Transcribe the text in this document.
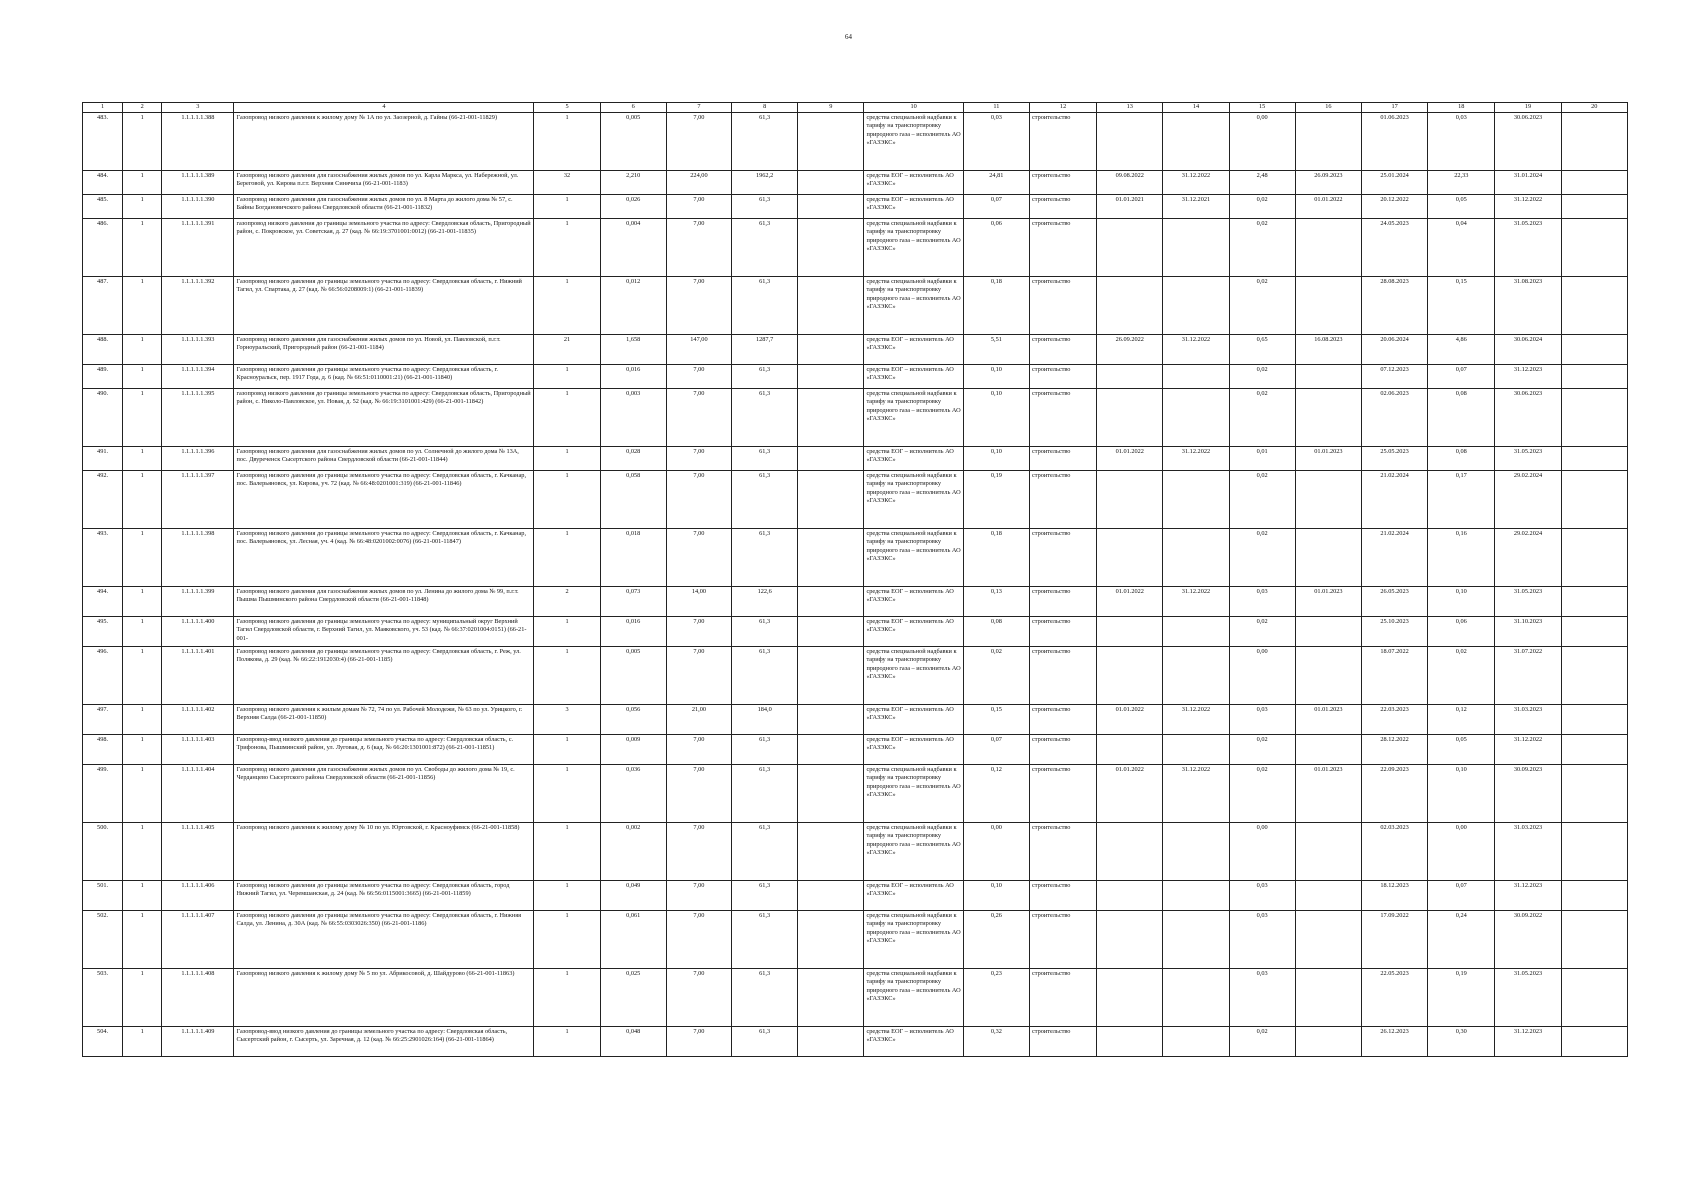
64
1	2	3	4	5	6	7	8	9	10	11	12	13	14	15	16	17	18	19	20
483.	1	1.1.1.1.1.388	Газопровод низкого давления к жилому дому № 1А по ул. Заозерной, д. Гайны (66-21-001-11829)	1	0,005	7,00	61,3		средства специальной надбавки к тарифу на транспортировку природного газа – исполнитель АО «ГАЗЭКС»	0,03	строительство			0,00		01.06.2023	0,03	30.06.2023	
484.	1	1.1.1.1.1.389	Газопровод низкого давления для газоснабжения жилых домов по ул. Карла Маркса, ул. Набережной, ул. Береговой, ул. Кирова п.г.т. Верхняя Синячиха (66-21-001-1183)	32	2,210	224,00	1962,2		средства ЕОГ – исполнитель АО «ГАЗЭКС»	24,81	строительство	09.08.2022	31.12.2022	2,48	26.09.2023	25.01.2024	22,33	31.01.2024	
485.	1	1.1.1.1.1.390	Газопровод низкого давления для газоснабжения жилых домов по ул. 8 Марта до жилого дома № 57, с. Байны Богдановичского района Свердловской области (66-21-001-11832)	1	0,026	7,00	61,3		средства ЕОГ – исполнитель АО «ГАЗЭКС»	0,07	строительство	01.01.2021	31.12.2021	0,02	01.01.2022	20.12.2022	0,05	31.12.2022	
486.	1	1.1.1.1.1.391	газопровод низкого давления до границы земельного участка по адресу: Свердловская область, Пригородный район, с. Покровское, ул. Советская, д. 27 (кад. № 66:19:3701001:0012) (66-21-001-11835)	1	0,004	7,00	61,3		средства специальной надбавки к тарифу на транспортировку природного газа – исполнитель АО «ГАЗЭКС»	0,06	строительство			0,02		24.05.2023	0,04	31.05.2023	
487.	1	1.1.1.1.1.392	Газопровод низкого давления до границы земельного участка по адресу: Свердловская область, г. Нижний Тагил, ул. Спартака, д. 27 (кад. № 66:56:0208009:1) (66-21-001-11839)	1	0,012	7,00	61,3		средства специальной надбавки к тарифу на транспортировку природного газа – исполнитель АО «ГАЗЭКС»	0,18	строительство			0,02		28.08.2023	0,15	31.08.2023	
488.	1	1.1.1.1.1.393	Газопровод низкого давления для газоснабжения жилых домов по ул. Новой, ул. Павловской, п.г.т. Горноуральский, Пригородный район (66-21-001-1184)	21	1,658	147,00	1287,7		средства ЕОГ – исполнитель АО «ГАЗЭКС»	5,51	строительство	26.09.2022	31.12.2022	0,65	16.08.2023	20.06.2024	4,86	30.06.2024	
489.	1	1.1.1.1.1.394	Газопровод низкого давления до границы земельного участка по адресу: Свердловская область, г. Красноуральск, пер. 1917 Года, д. 6 (кад. № 66:51:0110001:21) (66-21-001-11840)	1	0,016	7,00	61,3		средства ЕОГ – исполнитель АО «ГАЗЭКС»	0,10	строительство			0,02		07.12.2023	0,07	31.12.2023	
490.	1	1.1.1.1.1.395	газопровод низкого давления до границы земельного участка по адресу: Свердловская область, Пригородный район, с. Николо-Павловское, ул. Новая, д. 52 (кад. № 66:19:3101001:429) (66-21-001-11842)	1	0,003	7,00	61,3		средства специальной надбавки к тарифу на транспортировку природного газа – исполнитель АО «ГАЗЭКС»	0,10	строительство			0,02		02.06.2023	0,08	30.06.2023	
491.	1	1.1.1.1.1.396	Газопровод низкого давления для газоснабжения жилых домов по ул. Солнечной до жилого дома № 13А, пос. Двуреченск Сысертского района Свердловской области (66-21-001-11844)	1	0,028	7,00	61,3		средства ЕОГ – исполнитель АО «ГАЗЭКС»	0,10	строительство	01.01.2022	31.12.2022	0,01	01.01.2023	25.05.2023	0,08	31.05.2023	
492.	1	1.1.1.1.1.397	Газопровод низкого давления до границы земельного участка по адресу: Свердловская область, г. Качканар, пос. Валерьяновск, ул. Кирова, уч. 72 (кад. № 66:48:0201001:319) (66-21-001-11846)	1	0,058	7,00	61,3		средства специальной надбавки к тарифу на транспортировку природного газа – исполнитель АО «ГАЗЭКС»	0,19	строительство			0,02		21.02.2024	0,17	29.02.2024	
493.	1	1.1.1.1.1.398	Газопровод низкого давления до границы земельного участка по адресу: Свердловская область, г. Качканар, пос. Валерьяновск, ул. Лесная, уч. 4 (кад. № 66:48:0201002:0076) (66-21-001-11847)	1	0,018	7,00	61,3		средства специальной надбавки к тарифу на транспортировку природного газа – исполнитель АО «ГАЗЭКС»	0,18	строительство			0,02		21.02.2024	0,16	29.02.2024	
494.	1	1.1.1.1.1.399	Газопровод низкого давления для газоснабжения жилых домов по ул. Ленина до жилого дома № 99, п.г.т. Пышма Пышминского района Свердловской области (66-21-001-11848)	2	0,073	14,00	122,6		средства ЕОГ – исполнитель АО «ГАЗЭКС»	0,13	строительство	01.01.2022	31.12.2022	0,03	01.01.2023	26.05.2023	0,10	31.05.2023	
495.	1	1.1.1.1.1.400	Газопровод низкого давления до границы земельного участка по адресу: муниципальный округ Верхний Тагил Свердловской области, г. Верхний Тагил, ул. Маяковского, уч. 53 (кад. № 66:37:0201004:0151) (66-21-001-	1	0,016	7,00	61,3		средства ЕОГ – исполнитель АО «ГАЗЭКС»	0,08	строительство			0,02		25.10.2023	0,06	31.10.2023	
496.	1	1.1.1.1.1.401	Газопровод низкого давления до границы земельного участка по адресу: Свердловская область, г. Реж, ул. Полякова, д. 29 (кад. № 66:22:1912030:4) (66-21-001-1185)	1	0,005	7,00	61,3		средства специальной надбавки к тарифу на транспортировку природного газа – исполнитель АО «ГАЗЭКС»	0,02	строительство			0,00		18.07.2022	0,02	31.07.2022	
497.	1	1.1.1.1.1.402	Газопровод низкого давления к жилым домам № 72, 74 по ул. Рабочей Молодежи, № 63 по ул. Урицкого, г. Верхняя Салда (66-21-001-11850)	3	0,056	21,00	184,0		средства ЕОГ – исполнитель АО «ГАЗЭКС»	0,15	строительство	01.01.2022	31.12.2022	0,03	01.01.2023	22.03.2023	0,12	31.03.2023	
498.	1	1.1.1.1.1.403	Газопровод-ввод низкого давления до границы земельного участка по адресу: Свердловская область, с. Трифонова, Пышминский район, ул. Луговая, д. 6 (кад. № 66:20:1301001:872) (66-21-001-11851)	1	0,009	7,00	61,3		средства ЕОГ – исполнитель АО «ГАЗЭКС»	0,07	строительство			0,02		28.12.2022	0,05	31.12.2022	
499.	1	1.1.1.1.1.404	Газопровод низкого давления для газоснабжения жилых домов по ул. Свободы до жилого дома № 19, с. Черданцево Сысертского района Свердловской области (66-21-001-11856)	1	0,036	7,00	61,3		средства специальной надбавки к тарифу на транспортировку природного газа – исполнитель АО «ГАЗЭКС»	0,12	строительство	01.01.2022	31.12.2022	0,02	01.01.2023	22.09.2023	0,10	30.09.2023	
500.	1	1.1.1.1.1.405	Газопровод низкого давления к жилому дому № 10 по ул. Юртовской, г. Красноуфимск (66-21-001-11858)	1	0,002	7,00	61,3		средства специальной надбавки к тарифу на транспортировку природного газа – исполнитель АО «ГАЗЭКС»	0,00	строительство			0,00		02.03.2023	0,00	31.03.2023	
501.	1	1.1.1.1.1.406	Газопровод низкого давления до границы земельного участка по адресу: Свердловская область, город Нижний Тагил, ул. Черемшанская, д. 24 (кад. № 66:56:0115001:3665) (66-21-001-11859)	1	0,049	7,00	61,3		средства ЕОГ – исполнитель АО «ГАЗЭКС»	0,10	строительство			0,03		18.12.2023	0,07	31.12.2023	
502.	1	1.1.1.1.1.407	Газопровод низкого давления до границы земельного участка по адресу: Свердловская область, г. Нижняя Салда, ул. Ленина, д. 30А (кад. № 66:55:0303026:350) (66-21-001-1186)	1	0,061	7,00	61,3		средства специальной надбавки к тарифу на транспортировку природного газа – исполнитель АО «ГАЗЭКС»	0,26	строительство			0,03		17.09.2022	0,24	30.09.2022	
503.	1	1.1.1.1.1.408	Газопровод низкого давления к жилому дому № 5 по ул. Абрикосовой, д. Шайдурово (66-21-001-11863)	1	0,025	7,00	61,3		средства специальной надбавки к тарифу на транспортировку природного газа – исполнитель АО «ГАЗЭКС»	0,23	строительство			0,03		22.05.2023	0,19	31.05.2023	
504.	1	1.1.1.1.1.409	Газопровод-ввод низкого давления до границы земельного участка по адресу: Свердловская область, Сысертский район, г. Сысерть, ул. Заречная, д. 12 (кад. № 66:25:2901026:164) (66-21-001-11864)	1	0,048	7,00	61,3		средства ЕОГ – исполнитель АО «ГАЗЭКС»	0,32	строительство			0,02		26.12.2023	0,30	31.12.2023	
